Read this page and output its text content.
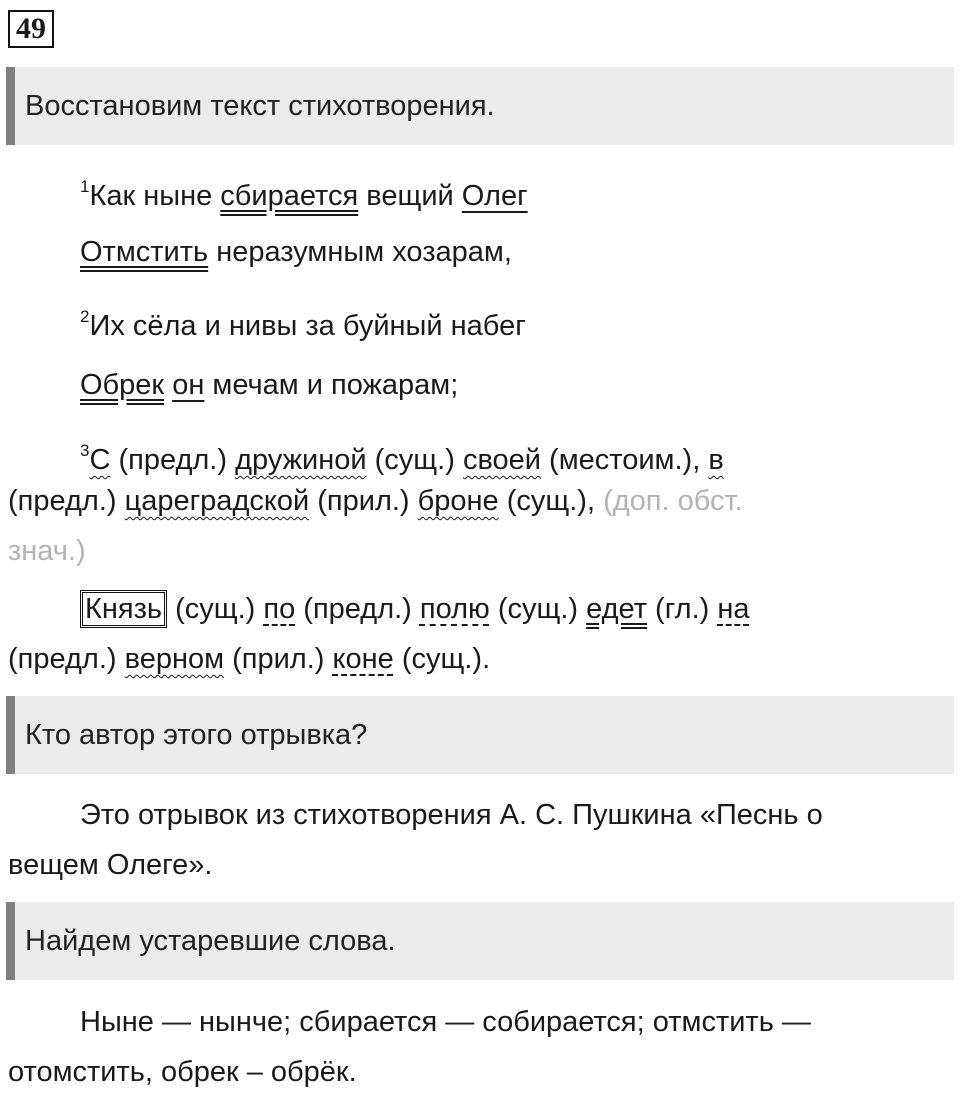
49
Восстановим текст стихотворения.
$^1$Как ныне сбирается вещий Олег
Отмстить неразумным хозарам,
$^2$Их сёла и нивы за буйный набег
Обрек он мечам и пожарам;
$^3$С (предл.) дружиной (сущ.) своей (местоим.), в
(предл.) цареградской (прил.) броне (сущ.), (доп. обст.
знач.)
Князь (сущ.) по (предл.) полю (сущ.) едет (гл.) на
(предл.) верном (прил.) коне (сущ.).
Кто автор этого отрывка?
Это отрывок из стихотворения А. С. Пушкина «Песнь о
вещем Олеге».
Найдем устаревшие слова.
Ныне — нынче; сбирается — собирается; отмстить —
отомстить, обрек – обрёк.
